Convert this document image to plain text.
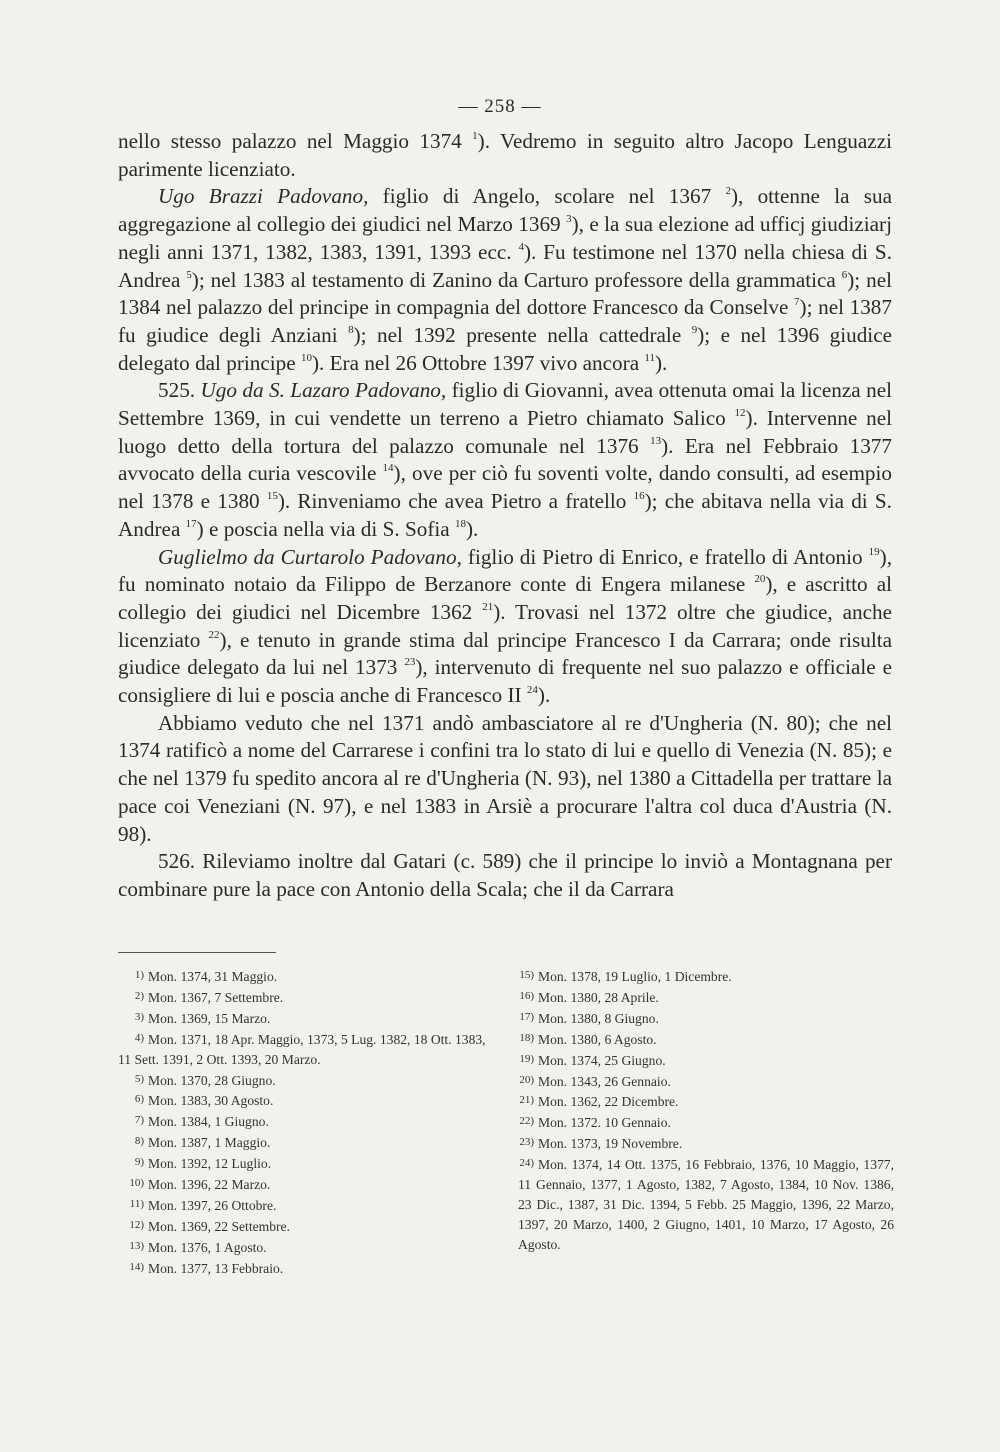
— 258 —

nello stesso palazzo nel Maggio 1374 $^1$). Vedremo in seguito altro Jacopo Lenguazzi parimente licenziato.

Ugo Brazzi Padovano, figlio di Angelo, scolare nel 1367 $^2$), ottenne la sua aggregazione al collegio dei giudici nel Marzo 1369 $^3$), e la sua elezione ad ufficj giudiziarj negli anni 1371, 1382, 1383, 1391, 1393 ecc. $^4$). Fu testimone nel 1370 nella chiesa di S. Andrea $^5$); nel 1383 al testamento di Zanino da Carturo professore della grammatica $^6$); nel 1384 nel palazzo del principe in compagnia del dottore Francesco da Conselve $^7$); nel 1387 fu giudice degli Anziani $^8$); nel 1392 presente nella cattedrale $^9$); e nel 1396 giudice delegato dal principe $^{10}$). Era nel 26 Ottobre 1397 vivo ancora $^{11}$).

525. Ugo da S. Lazaro Padovano, figlio di Giovanni, avea ottenuta omai la licenza nel Settembre 1369, in cui vendette un terreno a Pietro chiamato Salico $^{12}$). Intervenne nel luogo detto della tortura del palazzo comunale nel 1376 $^{13}$). Era nel Febbraio 1377 avvocato della curia vescovile $^{14}$), ove per ciò fu soventi volte, dando consulti, ad esempio nel 1378 e 1380 $^{15}$). Rinveniamo che avea Pietro a fratello $^{16}$); che abitava nella via di S. Andrea $^{17}$) e poscia nella via di S. Sofia $^{18}$).

Guglielmo da Curtarolo Padovano, figlio di Pietro di Enrico, e fratello di Antonio $^{19}$), fu nominato notaio da Filippo de Berzanore conte di Engera milanese $^{20}$), e ascritto al collegio dei giudici nel Dicembre 1362 $^{21}$). Trovasi nel 1372 oltre che giudice, anche licenziato $^{22}$), e tenuto in grande stima dal principe Francesco I da Carrara; onde risulta giudice delegato da lui nel 1373 $^{23}$), intervenuto di frequente nel suo palazzo e officiale e consigliere di lui e poscia anche di Francesco II $^{24}$).

Abbiamo veduto che nel 1371 andò ambasciatore al re d'Ungheria (N. 80); che nel 1374 ratificò a nome del Carrarese i confini tra lo stato di lui e quello di Venezia (N. 85); e che nel 1379 fu spedito ancora al re d'Ungheria (N. 93), nel 1380 a Cittadella per trattare la pace coi Veneziani (N. 97), e nel 1383 in Arsiè a procurare l'altra col duca d'Austria (N. 98).

526. Rileviamo inoltre dal Gatari (c. 589) che il principe lo inviò a Montagnana per combinare pure la pace con Antonio della Scala; che il da Carrara

1) Mon. 1374, 31 Maggio.

2) Mon. 1367, 7 Settembre.

3) Mon. 1369, 15 Marzo.

4) Mon. 1371, 18 Apr. Maggio, 1373, 5 Lug. 1382, 18 Ott. 1383, 11 Sett. 1391, 2 Ott. 1393, 20 Marzo.

5) Mon. 1370, 28 Giugno.

6) Mon. 1383, 30 Agosto.

7) Mon. 1384, 1 Giugno.

8) Mon. 1387, 1 Maggio.

9) Mon. 1392, 12 Luglio.

10) Mon. 1396, 22 Marzo.

11) Mon. 1397, 26 Ottobre.

12) Mon. 1369, 22 Settembre.

13) Mon. 1376, 1 Agosto.

14) Mon. 1377, 13 Febbraio.

15) Mon. 1378, 19 Luglio, 1 Dicembre.

16) Mon. 1380, 28 Aprile.

17) Mon. 1380, 8 Giugno.

18) Mon. 1380, 6 Agosto.

19) Mon. 1374, 25 Giugno.

20) Mon. 1343, 26 Gennaio.

21) Mon. 1362, 22 Dicembre.

22) Mon. 1372. 10 Gennaio.

23) Mon. 1373, 19 Novembre.

24) Mon. 1374, 14 Ott. 1375, 16 Febbraio, 1376, 10 Maggio, 1377, 11 Gennaio, 1377, 1 Agosto, 1382, 7 Agosto, 1384, 10 Nov. 1386, 23 Dic., 1387, 31 Dic. 1394, 5 Febb. 25 Maggio, 1396, 22 Marzo, 1397, 20 Marzo, 1400, 2 Giugno, 1401, 10 Marzo, 17 Agosto, 26 Agosto.
